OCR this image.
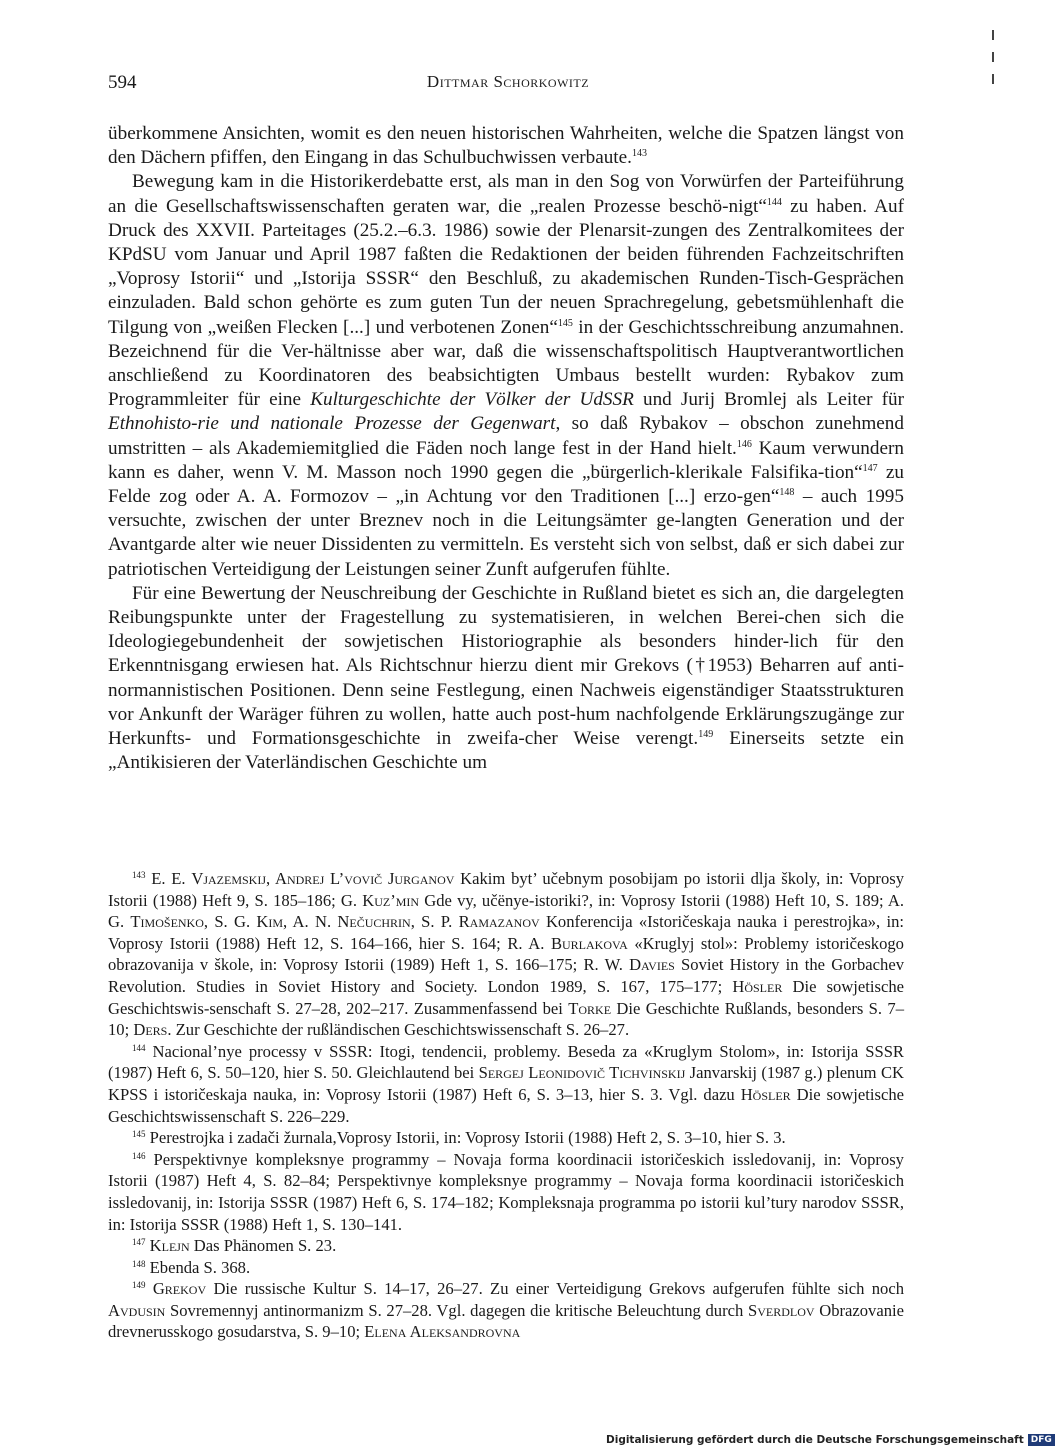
594	Dittmar Schorkowitz

überkommene Ansichten, womit es den neuen historischen Wahrheiten, welche die Spatzen längst von den Dächern pfiffen, den Eingang in das Schulbuchwissen verbaute.$^{143}$

Bewegung kam in die Historikerdebatte erst, als man in den Sog von Vorwürfen der Parteiführung an die Gesellschaftswissenschaften geraten war, die „realen Prozesse beschö-nigt“$^{144}$ zu haben. Auf Druck des XXVII. Parteitages (25.2.–6.3. 1986) sowie der Plenarsit-zungen des Zentralkomitees der KPdSU vom Januar und April 1987 faßten die Redaktionen der beiden führenden Fachzeitschriften „Voprosy Istorii“ und „Istorija SSSR“ den Beschluß, zu akademischen Runden-Tisch-Gesprächen einzuladen. Bald schon gehörte es zum guten Tun der neuen Sprachregelung, gebetsmühlenhaft die Tilgung von „weißen Flecken [...] und verbotenen Zonen“$^{145}$ in der Geschichtsschreibung anzumahnen. Bezeichnend für die Ver-hältnisse aber war, daß die wissenschaftspolitisch Hauptverantwortlichen anschließend zu Koordinatoren des beabsichtigten Umbaus bestellt wurden: Rybakov zum Programmleiter für eine Kulturgeschichte der Völker der UdSSR und Jurij Bromlej als Leiter für Ethnohisto-rie und nationale Prozesse der Gegenwart, so daß Rybakov – obschon zunehmend umstritten – als Akademiemitglied die Fäden noch lange fest in der Hand hielt.$^{146}$ Kaum verwundern kann es daher, wenn V. M. Masson noch 1990 gegen die „bürgerlich-klerikale Falsifika-tion“$^{147}$ zu Felde zog oder A. A. Formozov – „in Achtung vor den Traditionen [...] erzo-gen“$^{148}$ – auch 1995 versuchte, zwischen der unter Breznev noch in die Leitungsämter ge-langten Generation und der Avantgarde alter wie neuer Dissidenten zu vermitteln. Es versteht sich von selbst, daß er sich dabei zur patriotischen Verteidigung der Leistungen seiner Zunft aufgerufen fühlte.

Für eine Bewertung der Neuschreibung der Geschichte in Rußland bietet es sich an, die dargelegten Reibungspunkte unter der Fragestellung zu systematisieren, in welchen Berei-chen sich die Ideologiegebundenheit der sowjetischen Historiographie als besonders hinder-lich für den Erkenntnisgang erwiesen hat. Als Richtschnur hierzu dient mir Grekovs (†1953) Beharren auf anti-normannistischen Positionen. Denn seine Festlegung, einen Nachweis eigenständiger Staatsstrukturen vor Ankunft der Waräger führen zu wollen, hatte auch post-hum nachfolgende Erklärungszugänge zur Herkunfts- und Formationsgeschichte in zweifa-cher Weise verengt.$^{149}$ Einerseits setzte ein „Antikisieren der Vaterländischen Geschichte um

$^{143}$ E. E. Vjazemskij, Andrej L’vovič Jurganov Kakim byt’ učebnym posobijam po istorii dlja školy, in: Voprosy Istorii (1988) Heft 9, S. 185–186; G. Kuz’min Gde vy, učënye-istoriki?, in: Voprosy Istorii (1988) Heft 10, S. 189; A. G. Timošenko, S. G. Kim, A. N. Nečuchrin, S. P. Ramazanov Konferencija «Istoričeskaja nauka i perestrojka», in: Voprosy Istorii (1988) Heft 12, S. 164–166, hier S. 164; R. A. Burlakova «Kruglyj stol»: Problemy istoričeskogo obrazovanija v škole, in: Voprosy Istorii (1989) Heft 1, S. 166–175; R. W. Davies Soviet History in the Gorbachev Revolution. Studies in Soviet History and Society. London 1989, S. 167, 175–177; Hösler Die sowjetische Geschichtswis-senschaft S. 27–28, 202–217. Zusammenfassend bei Torke Die Geschichte Rußlands, besonders S. 7–10; Ders. Zur Geschichte der rußländischen Geschichtswissenschaft S. 26–27.

$^{144}$ Nacional’nye processy v SSSR: Itogi, tendencii, problemy. Beseda za «Kruglym Stolom», in: Istorija SSSR (1987) Heft 6, S. 50–120, hier S. 50. Gleichlautend bei Sergej Leonidovič Tichvinskij Janvarskij (1987 g.) plenum CK KPSS i istoričeskaja nauka, in: Voprosy Istorii (1987) Heft 6, S. 3–13, hier S. 3. Vgl. dazu Hösler Die sowjetische Geschichtswissenschaft S. 226–229.

$^{145}$ Perestrojka i zadači žurnala,Voprosy Istorii, in: Voprosy Istorii (1988) Heft 2, S. 3–10, hier S. 3.

$^{146}$ Perspektivnye kompleksnye programmy – Novaja forma koordinacii istoričeskich issledovanij, in: Voprosy Istorii (1987) Heft 4, S. 82–84; Perspektivnye kompleksnye programmy – Novaja forma koordinacii istoričeskich issledovanij, in: Istorija SSSR (1987) Heft 6, S. 174–182; Kompleksnaja programma po istorii kul’tury narodov SSSR, in: Istorija SSSR (1988) Heft 1, S. 130–141.

$^{147}$ Klejn Das Phänomen S. 23.

$^{148}$ Ebenda S. 368.

$^{149}$ Grekov Die russische Kultur S. 14–17, 26–27. Zu einer Verteidigung Grekovs aufgerufen fühlte sich noch Avdusin Sovremennyj antinormanizm S. 27–28. Vgl. dagegen die kritische Beleuchtung durch Sverdlov Obrazovanie drevnerusskogo gosudarstva, S. 9–10; Elena Aleksandrovna

Digitalisierung gefördert durch die Deutsche Forschungsgemeinschaft DFG
